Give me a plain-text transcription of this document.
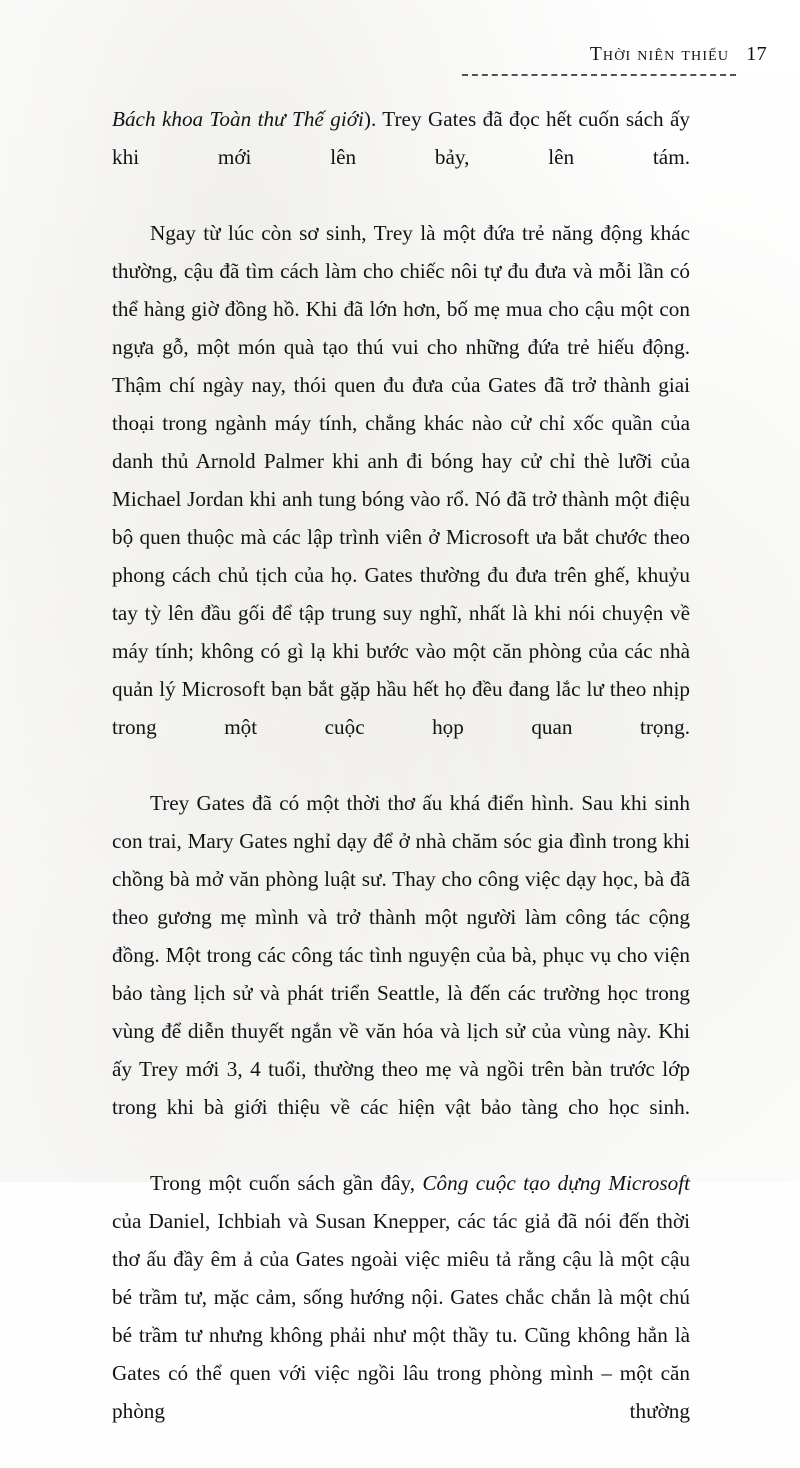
Thời niên thiếu 17

Bách khoa Toàn thư Thế giới). Trey Gates đã đọc hết cuốn sách ấy khi mới lên bảy, lên tám.

Ngay từ lúc còn sơ sinh, Trey là một đứa trẻ năng động khác thường, cậu đã tìm cách làm cho chiếc nôi tự đu đưa và mỗi lần có thể hàng giờ đồng hồ. Khi đã lớn hơn, bố mẹ mua cho cậu một con ngựa gỗ, một món quà tạo thú vui cho những đứa trẻ hiếu động. Thậm chí ngày nay, thói quen đu đưa của Gates đã trở thành giai thoại trong ngành máy tính, chẳng khác nào cử chỉ xốc quần của danh thủ Arnold Palmer khi anh đi bóng hay cử chỉ thè lưỡi của Michael Jordan khi anh tung bóng vào rổ. Nó đã trở thành một điệu bộ quen thuộc mà các lập trình viên ở Microsoft ưa bắt chước theo phong cách chủ tịch của họ. Gates thường đu đưa trên ghế, khuỷu tay tỳ lên đầu gối để tập trung suy nghĩ, nhất là khi nói chuyện về máy tính; không có gì lạ khi bước vào một căn phòng của các nhà quản lý Microsoft bạn bắt gặp hầu hết họ đều đang lắc lư theo nhịp trong một cuộc họp quan trọng.

Trey Gates đã có một thời thơ ấu khá điển hình. Sau khi sinh con trai, Mary Gates nghỉ dạy để ở nhà chăm sóc gia đình trong khi chồng bà mở văn phòng luật sư. Thay cho công việc dạy học, bà đã theo gương mẹ mình và trở thành một người làm công tác cộng đồng. Một trong các công tác tình nguyện của bà, phục vụ cho viện bảo tàng lịch sử và phát triển Seattle, là đến các trường học trong vùng để diễn thuyết ngắn về văn hóa và lịch sử của vùng này. Khi ấy Trey mới 3, 4 tuổi, thường theo mẹ và ngồi trên bàn trước lớp trong khi bà giới thiệu về các hiện vật bảo tàng cho học sinh.

Trong một cuốn sách gần đây, Công cuộc tạo dựng Microsoft của Daniel, Ichbiah và Susan Knepper, các tác giả đã nói đến thời thơ ấu đầy êm ả của Gates ngoài việc miêu tả rằng cậu là một cậu bé trầm tư, mặc cảm, sống hướng nội. Gates chắc chắn là một chú bé trầm tư nhưng không phải như một thầy tu. Cũng không hẳn là Gates có thể quen với việc ngồi lâu trong phòng mình – một căn phòng thường
